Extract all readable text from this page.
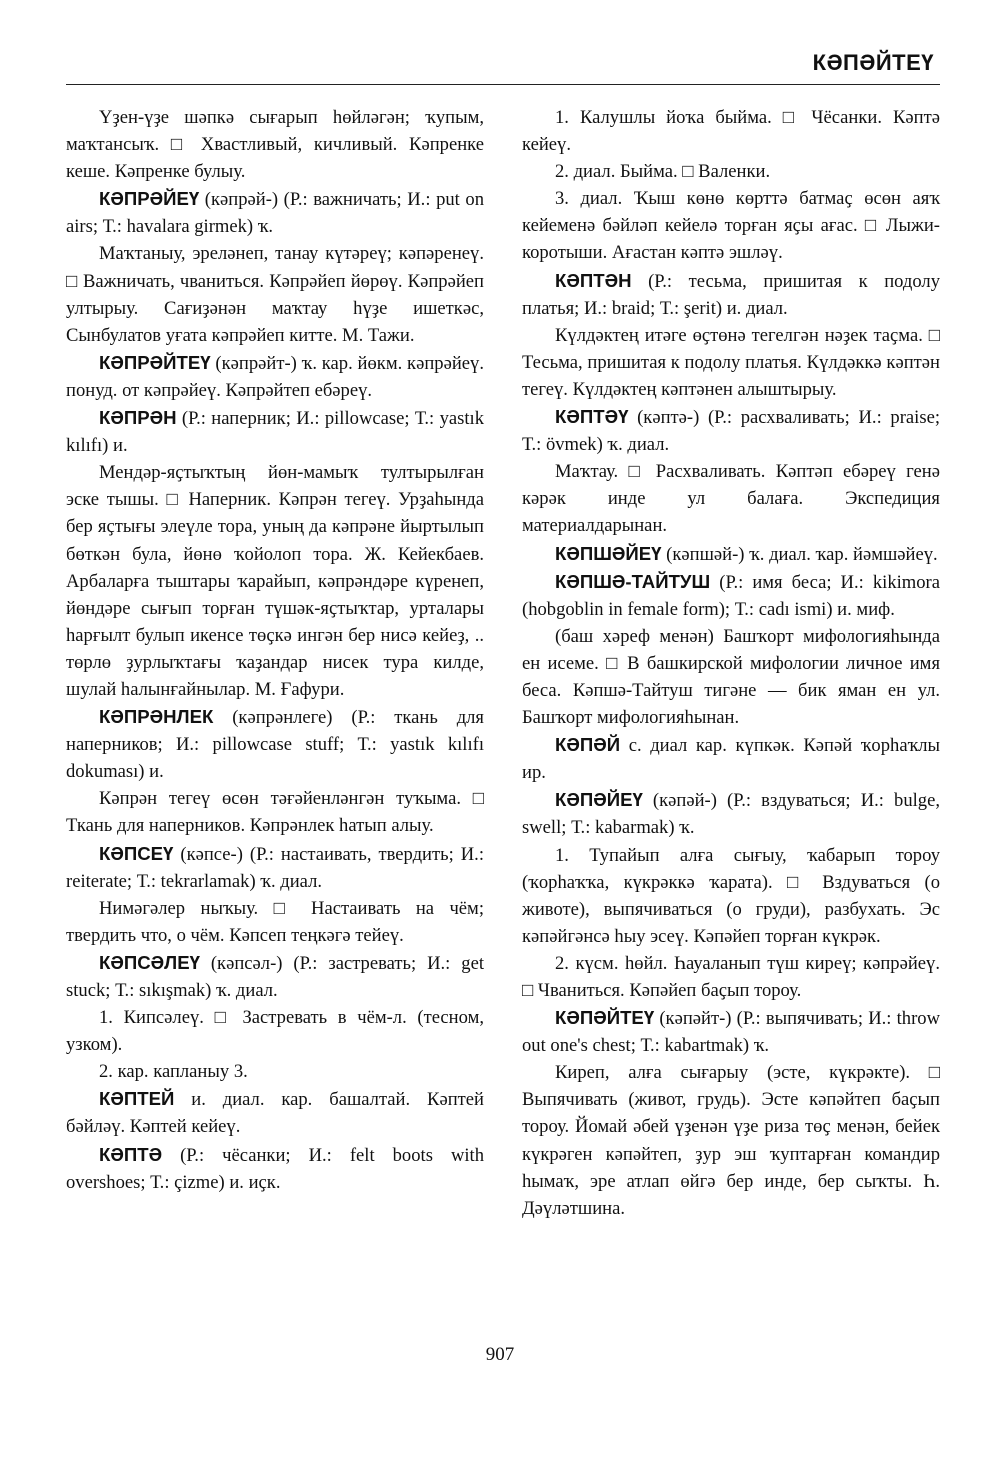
КӘПӘЙТЕҮ

Үҙен-үҙе шәпкә сығарып һөйләгән; ҡупым, маҡтансыҡ. □ Хвастливый, кичливый. Кәпренке кеше. Кәпренке булыу.

КӘПРӘЙЕҮ (кәпрәй-) (Р.: важничать; И.: put on airs; Т.: havalara girmek) ҡ.

Маҡтаныу, эреләнеп, танау күтәреү; кәпәренеү. □ Важничать, чваниться. Кәпрәйеп йөрөү. Кәпрәйеп ултырыу. Сағиҙәнән маҡтау һүҙе ишеткәс, Сынбулатов уғата кәпрәйеп китте. М. Тажи.

КӘПРӘЙТЕҮ (кәпрәйт-) ҡ. кар. йөкм. кәпрәйеү. понуд. от кәпрәйеү. Кәпрәйтеп ебәреү.

КӘПРӘН (Р.: наперник; И.: pillowcase; Т.: yastık kılıfı) и.

Мендәр-яҫтыҡтың йөн-мамыҡ тултырылған эске тышы. □ Наперник. Кәпрән тегеү. Урҙаһында бер яҫтығы элеүле тора, уның да кәпрәне йыртылып бөткән була, йөнө ҡойолоп тора. Ж. Кейекбаев. Арбаларға тыштары ҡарайып, кәпрәндәре күренеп, йөндәре сығып торған түшәк-яҫтыҡтар, урталары һарғылт булып икенсе төҫкә ингән бер нисә кейеҙ, .. төрлө ҙурлыҡтағы ҡаҙандар нисек тура килде, шулай һалынғайнылар. М. Ғафури.

КӘПРӘНЛЕК (кәпрәнлеге) (Р.: ткань для наперников; И.: pillowcase stuff; Т.: yastık kılıfı dokuması) и.

Кәпрән тегеү өсөн тәғәйенләнгән туҡыма. □ Ткань для наперников. Кәпрәнлек һатып алыу.

КӘПСЕҮ (кәпсе-) (Р.: настаивать, твердить; И.: reiterate; Т.: tekrarlamak) ҡ. диал.

Нимәгәлер ныҡыу. □ Настаивать на чём; твердить что, о чём. Кәпсеп теңкәгә тейеү.

КӘПСӘЛЕҮ (кәпсәл-) (Р.: застревать; И.: get stuck; Т.: sıkışmak) ҡ. диал.

1. Кипсәлеү. □ Застревать в чём-л. (тесном, узком).

2. кар. капланыу 3.

КӘПТЕЙ и. диал. кар. башалтай. Кәптей бәйләү. Кәптей кейеү.

КӘПТӘ (Р.: чёсанки; И.: felt boots with overshoes; Т.: çizme) и. иҫк.

1. Калушлы йоҡа быйма. □ Чёсанки. Кәптә кейеү.

2. диал. Быйма. □ Валенки.

3. диал. Ҡыш көнө көрттә батмаҫ өсөн аяҡ кейеменә бәйләп кейелә торған яҫы ағас. □ Лыжи-коротыши. Ағастан кәптә эшләү.

КӘПТӘН (Р.: тесьма, пришитая к подолу платья; И.: braid; Т.: şerit) и. диал.

Күлдәктең итәге өҫтөнә тегелгән нәҙек таҫма. □ Тесьма, пришитая к подолу платья. Күлдәккә кәптән тегеү. Күлдәктең кәптәнен алыштырыу.

КӘПТӘҮ (кәптә-) (Р.: расхваливать; И.: praise; Т.: övmek) ҡ. диал.

Маҡтау. □ Расхваливать. Кәптәп ебәреү генә кәрәк инде ул балаға. Экспедиция материалдарынан.

КӘПШӘЙЕҮ (кәпшәй-) ҡ. диал. ҡар. йәмшәйеү.

КӘПШӘ-ТАЙТУШ (Р.: имя беса; И.: kikimora (hobgoblin in female form); Т.: cadı ismi) и. миф.

(баш хәреф менән) Башҡорт мифологияһында ен исеме. □ В башкирской мифологии личное имя беса. Кәпшә-Тайтуш тигәне — бик яман ен ул. Башҡорт мифологияһынан.

КӘПӘЙ с. диал кар. күпкәк. Кәпәй ҡорһаҡлы ир.

КӘПӘЙЕҮ (кәпәй-) (Р.: вздуваться; И.: bulge, swell; Т.: kabarmak) ҡ.

1. Тупайып алға сығыу, ҡабарып тороу (ҡорһаҡҡа, күкрәккә ҡарата). □ Вздуваться (о животе), выпячиваться (о груди), разбухать. Эс кәпәйгәнсә һыу эсеү. Кәпәйеп торған күкрәк.

2. күсм. һөйл. Һауаланып түш киреү; кәпрәйеү. □ Чваниться. Кәпәйеп баҫып тороу.

КӘПӘЙТЕҮ (кәпәйт-) (Р.: выпячивать; И.: throw out one's chest; Т.: kabartmak) ҡ.

Киреп, алға сығарыу (эсте, күкрәкте). □ Выпячивать (живот, грудь). Эсте кәпәйтеп баҫып тороу. Йомай әбей үҙенән үҙе риза төҫ менән, бейек күкрәген кәпәйтеп, ҙур эш ҡуптарған командир һымаҡ, эре атлап өйгә бер инде, бер сыҡты. Һ. Дәүләтшина.

907
